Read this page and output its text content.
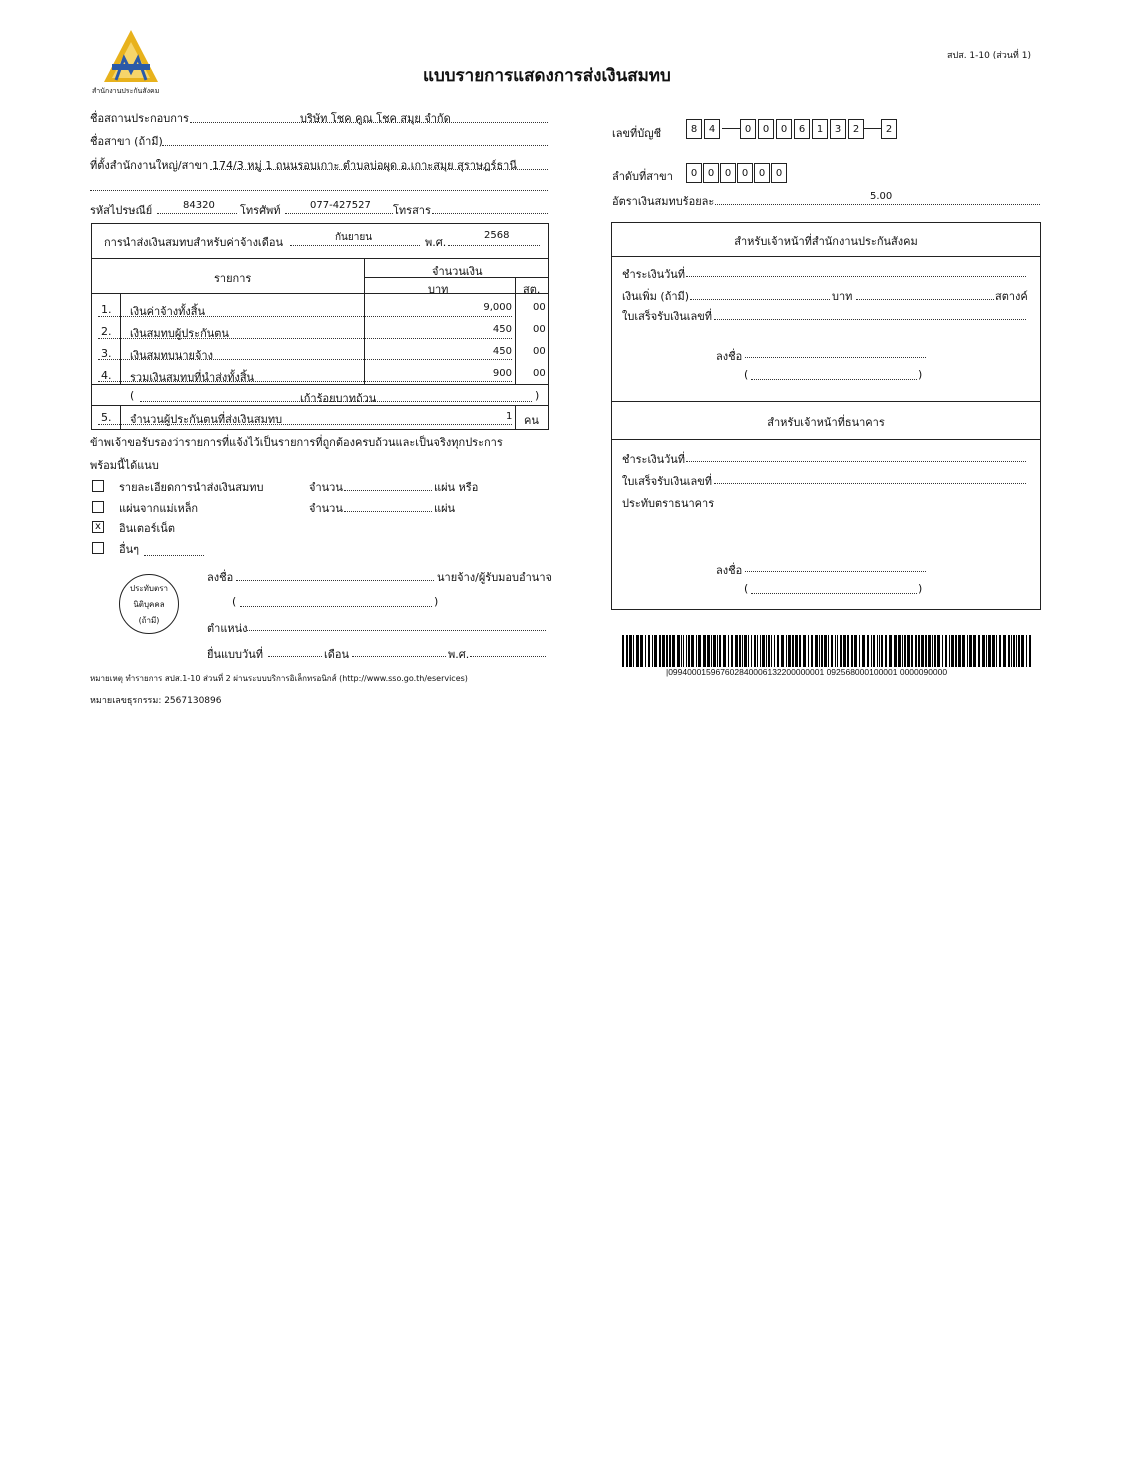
สำนักงานประกันสังคม
แบบรายการแสดงการส่งเงินสมทบ
สปส. 1-10 (ส่วนที่ 1)
ชื่อสถานประกอบการ	บริษัท โชค คูณ โชค สมุย จำกัด
ชื่อสาขา (ถ้ามี)
ที่ตั้งสำนักงานใหญ่/สาขา 174/3 หมู่ 1 ถนนรอบเกาะ ตำบลบ่อผุด อ.เกาะสมุย สุราษฎร์ธานี
รหัสไปรษณีย์	84320 โทรศัพท์	077-427527 โทรสาร
เลขที่บัญชี	8	4	0	0	0	6	1	3	2	2
ลำดับที่สาขา	0	0	0	0	0	0
อัตราเงินสมทบร้อยละ	5.00
การนำส่งเงินสมทบสำหรับค่าจ้างเดือน	กันยายน	พ.ศ.
2568
รายการ
จำนวนเงิน
บาท	สต.
1. เงินค่าจ้างทั้งสิ้น	9,000 00
2. เงินสมทบผู้ประกันตน	450 00
3. เงินสมทบนายจ้าง	450 00
4. รวมเงินสมทบที่นำส่งทั้งสิ้น	900 00
(	เก้าร้อยบาทถ้วน	)
5. จำนวนผู้ประกันตนที่ส่งเงินสมทบ	1 คน
ข้าพเจ้าขอรับรองว่ารายการที่แจ้งไว้เป็นรายการที่ถูกต้องครบถ้วนและเป็นจริงทุกประการ
พร้อมนี้ได้แนบ
รายละเอียดการนำส่งเงินสมทบ	จำนวน	แผ่น หรือ
แผ่นจากแม่เหล็ก	จำนวน	แผ่น
x อินเตอร์เน็ต
อื่นๆ
ประทับตรา
นิติบุคคล
(ถ้ามี)
ลงชื่อ	นายจ้าง/ผู้รับมอบอำนาจ
(	)
ตำแหน่ง
ยื่นแบบวันที่	เดือน	พ.ศ.
หมายเหตุ ทำรายการ สปส.1-10 ส่วนที่ 2 ผ่านระบบบริการอิเล็กทรอนิกส์ (http://www.sso.go.th/eservices)
หมายเลขธุรกรรม: 2567130896
สำหรับเจ้าหน้าที่สำนักงานประกันสังคม
ชำระเงินวันที่
เงินเพิ่ม (ถ้ามี)	บาท	สตางค์
ใบเสร็จรับเงินเลขที่
ลงชื่อ
(	)
สำหรับเจ้าหน้าที่ธนาคาร
ชำระเงินวันที่
ใบเสร็จรับเงินเลขที่
ประทับตราธนาคาร
ลงชื่อ
(	)
|099400015967602840006132200000001 092568000100001 0000090000
